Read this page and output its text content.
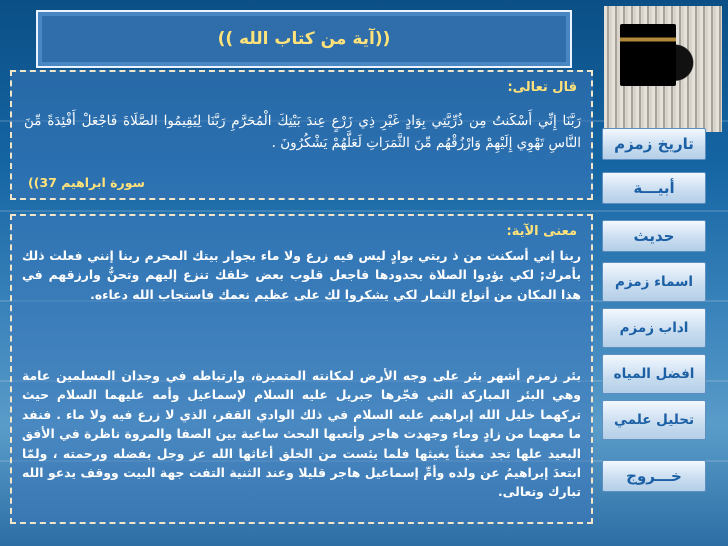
((آية من كتاب الله ))
قال تعالى:
رَبَّنَا إِنِّي أَسْكَنتُ مِن ذُرِّيَّتِي بِوَادٍ غَيْرِ ذِي زَرْعٍ عِندَ بَيْتِكَ الْمُحَرَّمِ رَبَّنَا لِيُقِيمُوا الصَّلَاةَ فَاجْعَلْ أَفْئِدَةً مِّنَ النَّاسِ تَهْوِي إِلَيْهِمْ وَارْزُقْهُم مِّنَ الثَّمَرَاتِ لَعَلَّهُمْ يَشْكُرُونَ .
سورة ابراهيم 37))
معنى الآية:
ربنا إني أسكنت من ذ ريتي بوادٍ ليس فيه زرع ولا ماء بجوار بيتك المحرم ربنا إنني فعلت ذلك بأمرك; لكي يؤدوا الصلاة بحدودها فاجعل قلوب بعض خلقك تنزع إليهم وتحنُّ وارزقهم في هذا المكان من أنواع الثمار لكي يشكروا لك على عظيم نعمك فاستجاب الله دعاءه.
بئر زمزم أشهر بئر على وجه الأرض لمكانته المتميزة، وارتباطه في وجدان المسلمين عامة وهي البئر المباركة التي فجّرها جبريل عليه السلام لإسماعيل وأمه عليهما السلام حيث تركهما خليل الله إبراهيم عليه السلام في ذلك الوادي القفر، الذي لا زرع فيه ولا ماء . فنفد ما معهما من زادٍ وماء وجهدت هاجر وأتعبها البحث ساعية بين الصفا والمروة ناظرة في الأفق البعيد علها تجد مغيثاً يغيثها فلما يئست من الخلق أغاثها الله عز وجل بفضله ورحمته ، ولمّا ابتعدَ إبراهيمُ عن ولده وأمِّ إسماعيل هاجر قليلا وعند الثنية التفت جهة البيت ووقف يدعو الله تبارك وتعالى.
تاريخ زمزم
أبيـــة
حديث
اسماء زمزم
اداب زمزم
افضل المياه
تحليل علمي
خـــروج
